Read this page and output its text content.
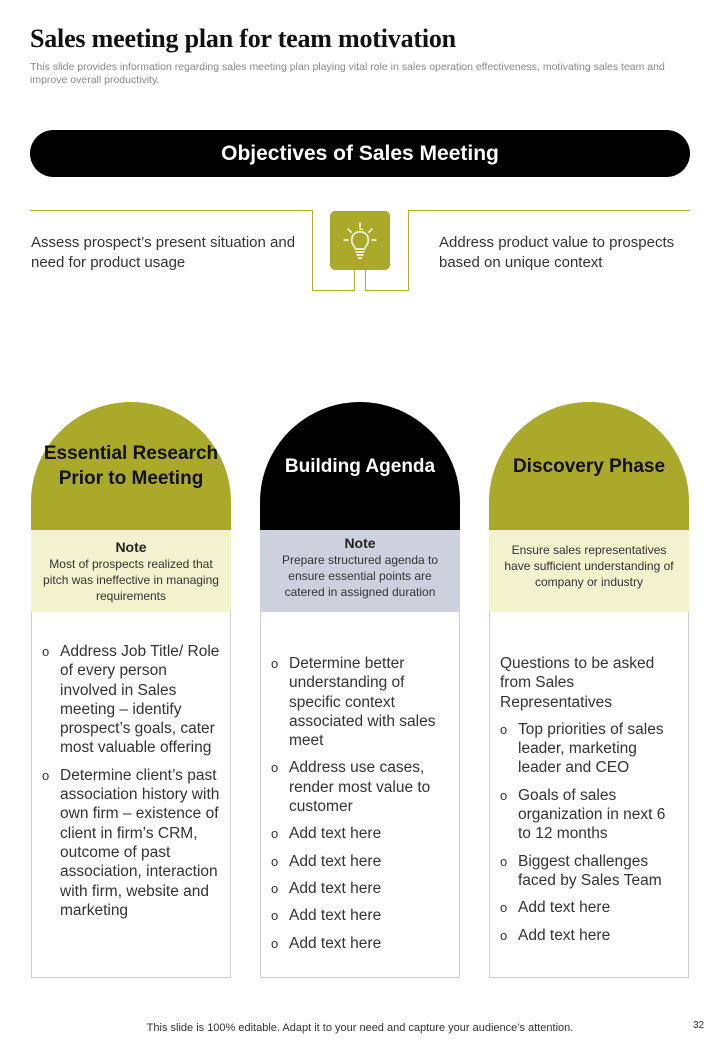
Sales meeting plan for team motivation
This slide provides information regarding sales meeting plan playing vital role in sales operation effectiveness, motivating sales team and improve overall productivity.
Objectives of Sales Meeting
Assess prospect’s present situation and need for product usage
Address product value to prospects based on unique context
Essential Research Prior to Meeting
Note
Most of prospects realized that pitch was ineffective in managing requirements
o Address Job Title/ Role of every person involved in Sales meeting – identify prospect’s goals, cater most valuable offering
o Determine client’s past association history with own firm – existence of client in firm’s CRM, outcome of past association, interaction with firm, website and marketing
Building Agenda
Note
Prepare structured agenda to ensure essential points are catered in assigned duration
o Determine better understanding of specific context associated with sales meet
o Address use cases, render most value to customer
o Add text here
o Add text here
o Add text here
o Add text here
o Add text here
Discovery Phase
Ensure sales representatives have sufficient understanding of company or industry
Questions to be asked from Sales Representatives
o Top priorities of sales leader, marketing leader and CEO
o Goals of sales organization in next 6 to 12 months
o Biggest challenges faced by Sales Team
o Add text here
o Add text here
This slide is 100% editable. Adapt it to your need and capture your audience’s attention.	32
